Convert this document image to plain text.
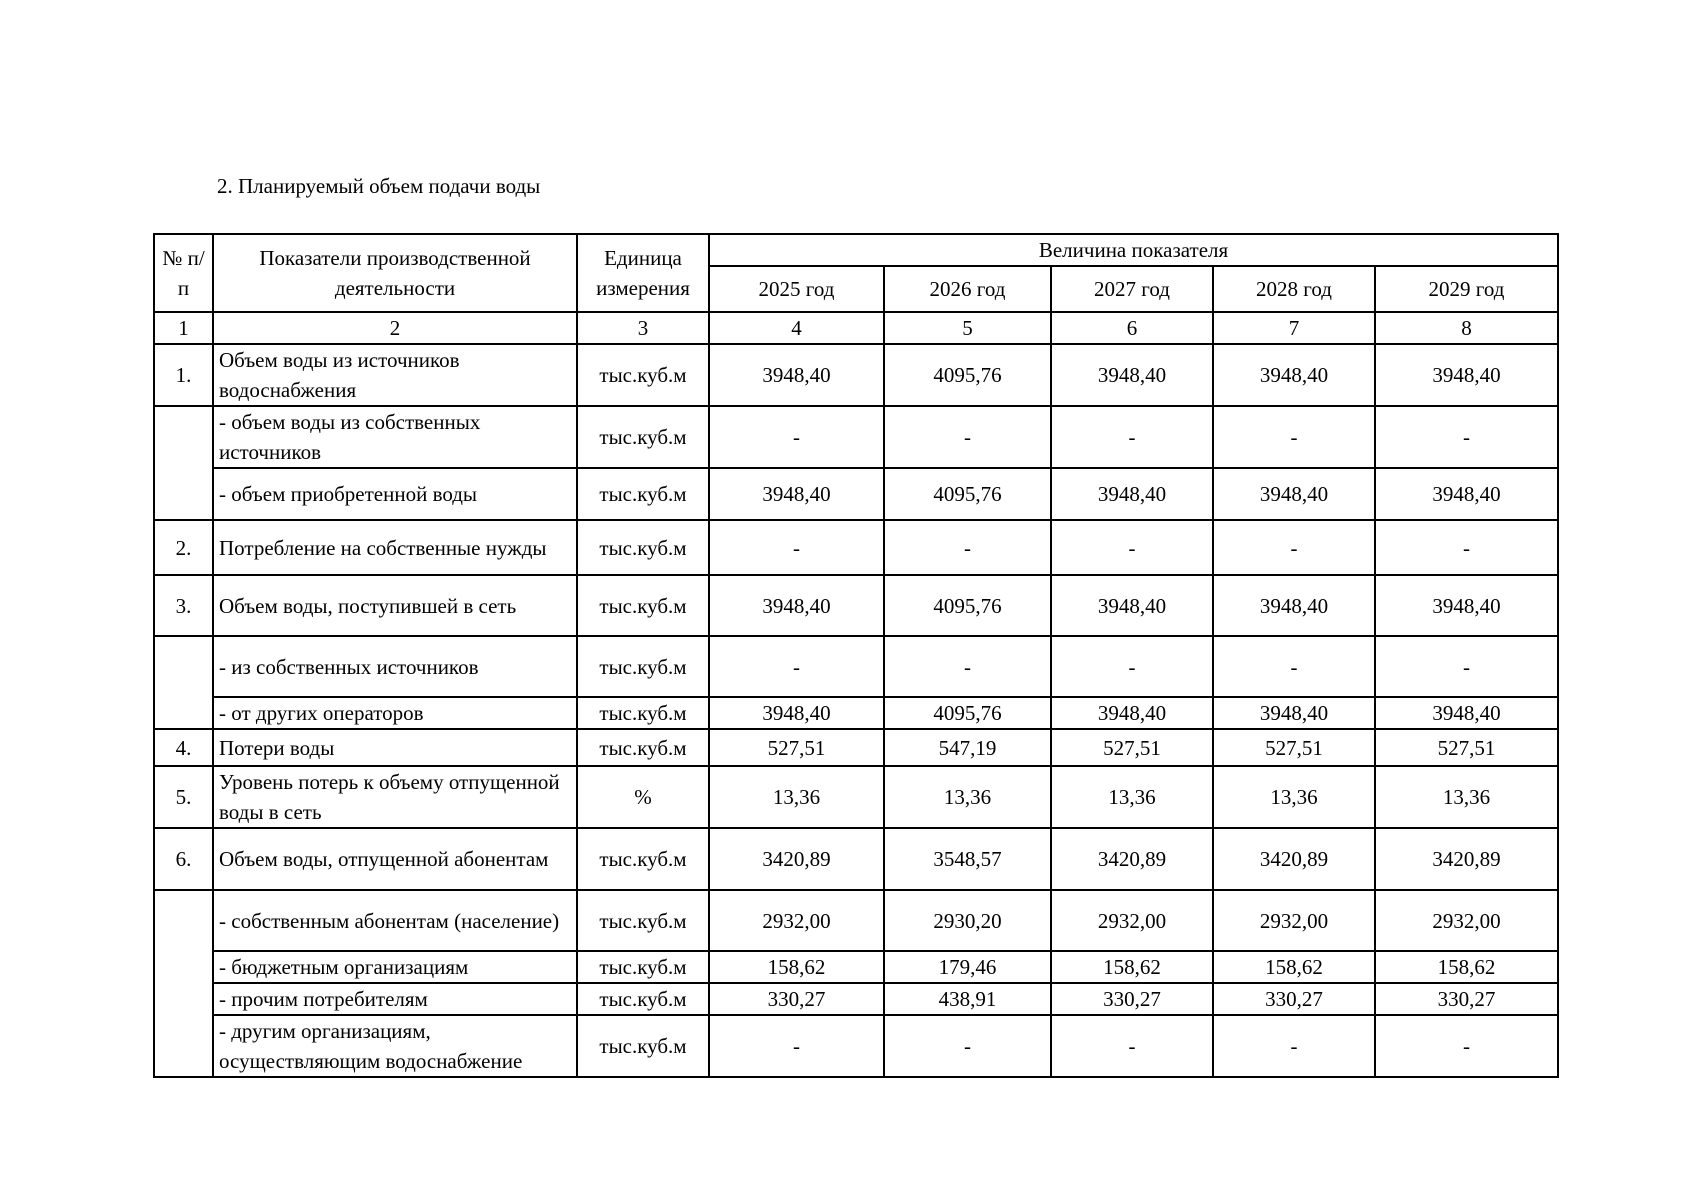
2. Планируемый объем подачи воды
№ п/п	Показатели производственной деятельности	Единица измерения	Величина показателя				
			2025 год	2026 год	2027 год	2028 год	2029 год
1	2	3	4	5	6	7	8
1.	Объем воды из источников водоснабжения	тыс.куб.м	3948,40	4095,76	3948,40	3948,40	3948,40
	- объем воды из собственных источников	тыс.куб.м	-	-	-	-	-
	- объем приобретенной воды	тыс.куб.м	3948,40	4095,76	3948,40	3948,40	3948,40
2.	Потребление на собственные нужды	тыс.куб.м	-	-	-	-	-
3.	Объем воды, поступившей в сеть	тыс.куб.м	3948,40	4095,76	3948,40	3948,40	3948,40
	- из собственных источников	тыс.куб.м	-	-	-	-	-
	- от других операторов	тыс.куб.м	3948,40	4095,76	3948,40	3948,40	3948,40
4.	Потери воды	тыс.куб.м	527,51	547,19	527,51	527,51	527,51
5.	Уровень потерь к объему отпущенной воды в сеть	%	13,36	13,36	13,36	13,36	13,36
6.	Объем воды, отпущенной абонентам	тыс.куб.м	3420,89	3548,57	3420,89	3420,89	3420,89
	- собственным абонентам (население)	тыс.куб.м	2932,00	2930,20	2932,00	2932,00	2932,00
	- бюджетным организациям	тыс.куб.м	158,62	179,46	158,62	158,62	158,62
	- прочим потребителям	тыс.куб.м	330,27	438,91	330,27	330,27	330,27
	- другим организациям, осуществляющим водоснабжение	тыс.куб.м	-	-	-	-	-
